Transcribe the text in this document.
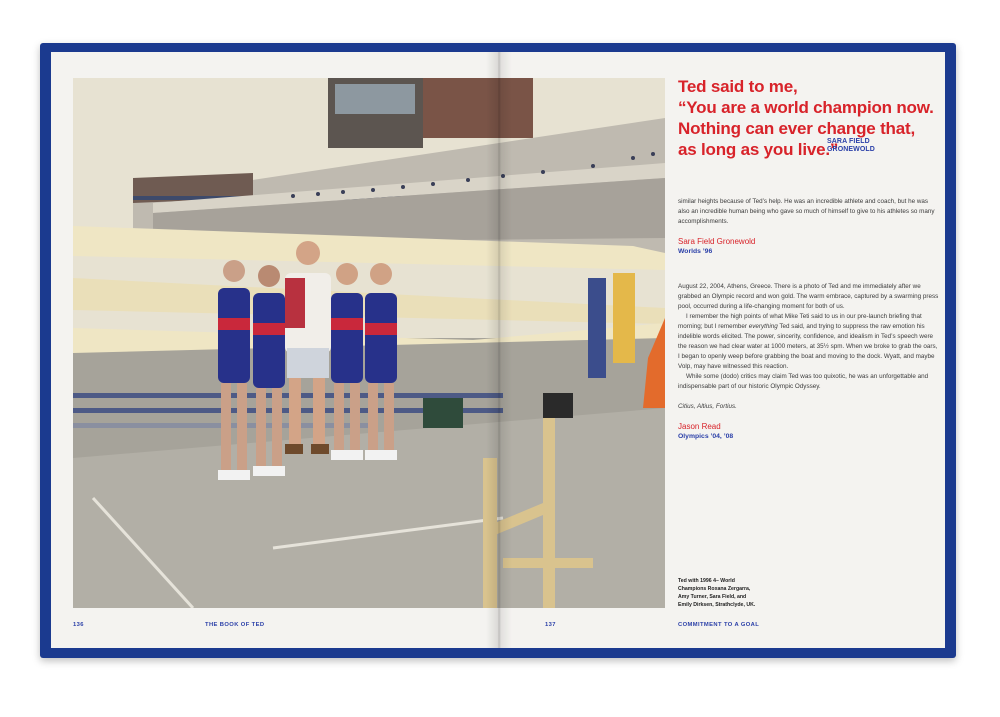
Ted said to me,
“You are a world champion now.
Nothing can ever change that,
as long as you live.”
SARA FIELD
GRONEWOLD

similar heights because of Ted’s help. He was an incredible athlete and coach, but he was also an incredible human being who gave so much of himself to give to his athletes so many accomplishments.

Sara Field Gronewold

Worlds ’96

August 22, 2004, Athens, Greece. There is a photo of Ted and me immediately after we grabbed an Olympic record and won gold. The warm embrace, captured by a swarming press pool, occurred during a life-changing moment for both of us.

I remember the high points of what Mike Teti said to us in our pre-launch briefing that morning; but I remember everything Ted said, and trying to suppress the raw emotion his indelible words elicited. The power, sincerity, confidence, and idealism in Ted’s speech were the reason we had clear water at 1000 meters, at 35½ spm. When we broke to grab the oars, I began to openly weep before grabbing the boat and moving to the dock. Wyatt, and maybe Volp, may have witnessed this reaction.

While some (dodo) critics may claim Ted was too quixotic, he was an unforgettable and indispensable part of our historic Olympic Odyssey.

Citius, Altius, Fortius.

Jason Read

Olympics ’04, ’08

Ted with 1996 4– World
Champions Roxana Zergarra,
Amy Turner, Sara Field, and
Emily Dirksen, Strathclyde, UK.
136	THE BOOK OF TED	137	COMMITMENT TO A GOAL
